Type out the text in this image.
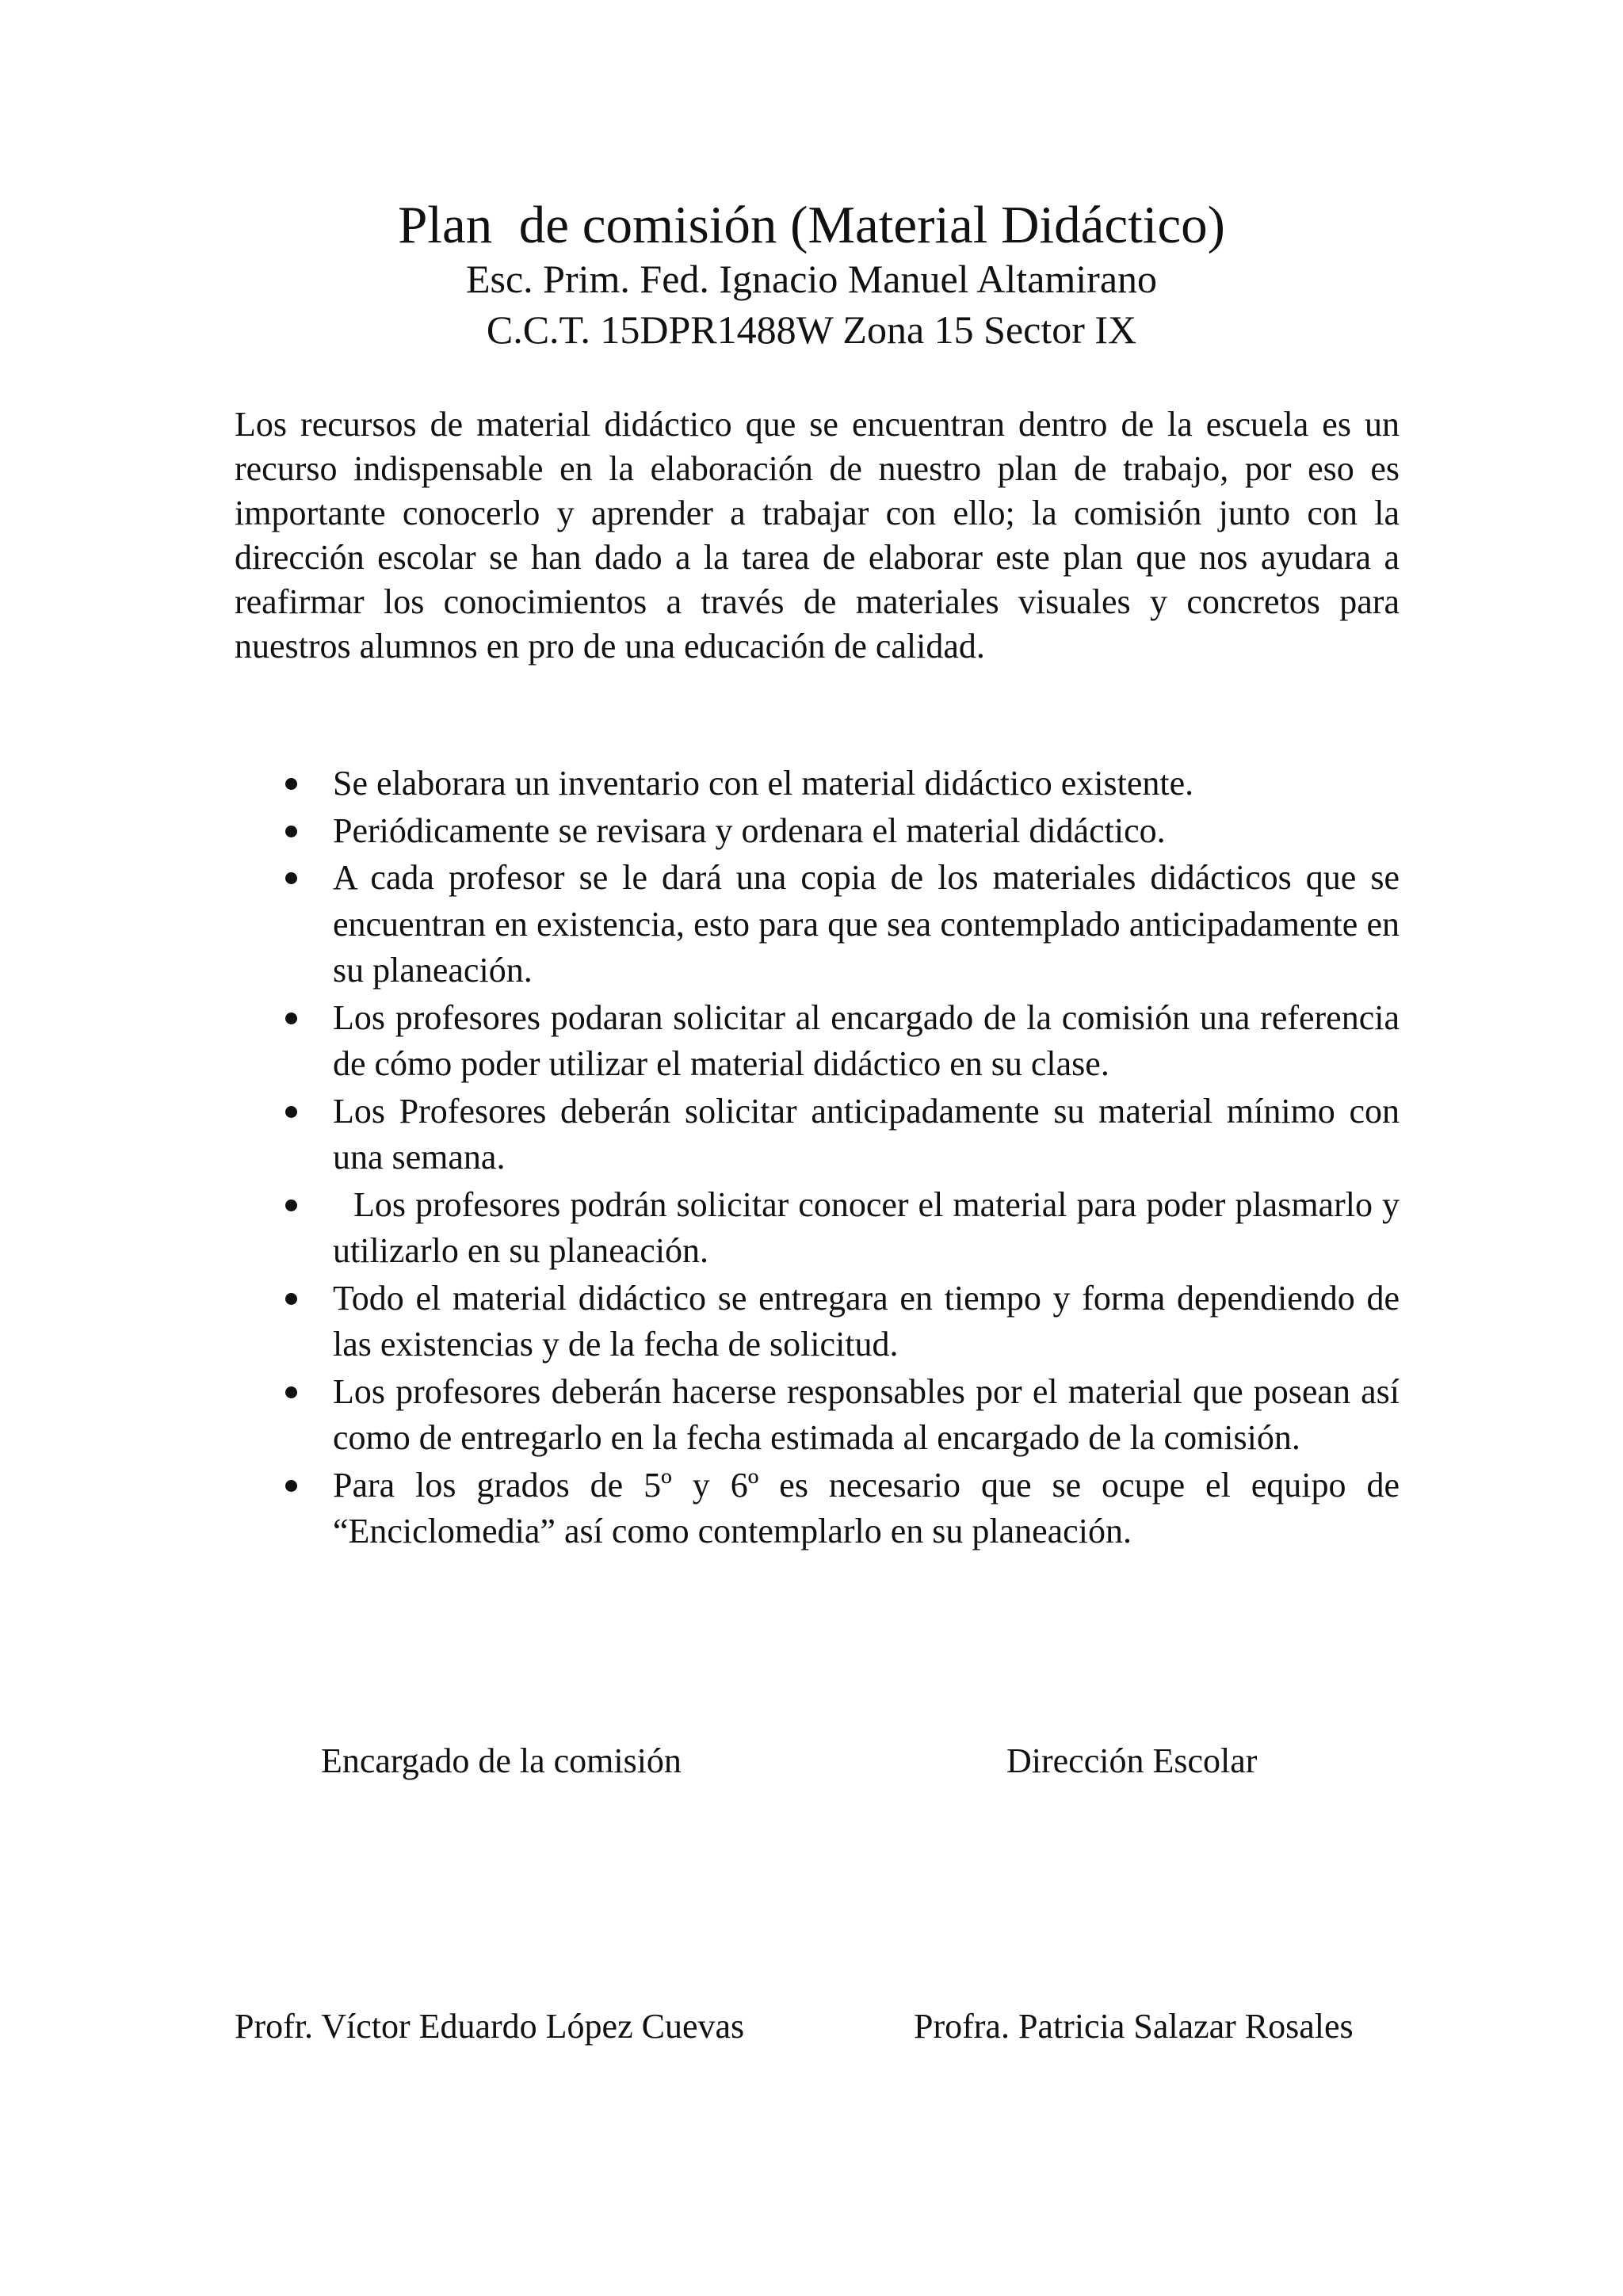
Plan  de comisión (Material Didáctico)

Esc. Prim. Fed. Ignacio Manuel Altamirano

C.C.T. 15DPR1488W Zona 15 Sector IX

Los recursos de material didáctico que se encuentran dentro de la escuela es un recurso indispensable en la elaboración de nuestro plan de trabajo, por eso es importante conocerlo y aprender a trabajar con ello; la comisión junto con la dirección escolar se han dado a la tarea de elaborar este plan que nos ayudara a reafirmar los conocimientos a través de materiales visuales y concretos para nuestros alumnos en pro de una educación de calidad.

Se elaborara un inventario con el material didáctico existente.
Periódicamente se revisara y ordenara el material didáctico.
A cada profesor se le dará una copia de los materiales didácticos que se encuentran en existencia, esto para que sea contemplado anticipadamente en su planeación.
Los profesores podaran solicitar al encargado de la comisión una referencia de cómo poder utilizar el material didáctico en su clase.
Los Profesores deberán solicitar anticipadamente su material mínimo con una semana.
Los profesores podrán solicitar conocer el material para poder plasmarlo y utilizarlo en su planeación.
Todo el material didáctico se entregara en tiempo y forma dependiendo de las existencias y de la fecha de solicitud.
Los profesores deberán hacerse responsables por el material que posean así como de entregarlo en la fecha estimada al encargado de la comisión.
Para los grados de 5º y 6º es necesario que se ocupe el equipo de “Enciclomedia” así como contemplarlo en su planeación.
Encargado de la comisión	Dirección Escolar
Profr. Víctor Eduardo López Cuevas	Profra. Patricia Salazar Rosales
